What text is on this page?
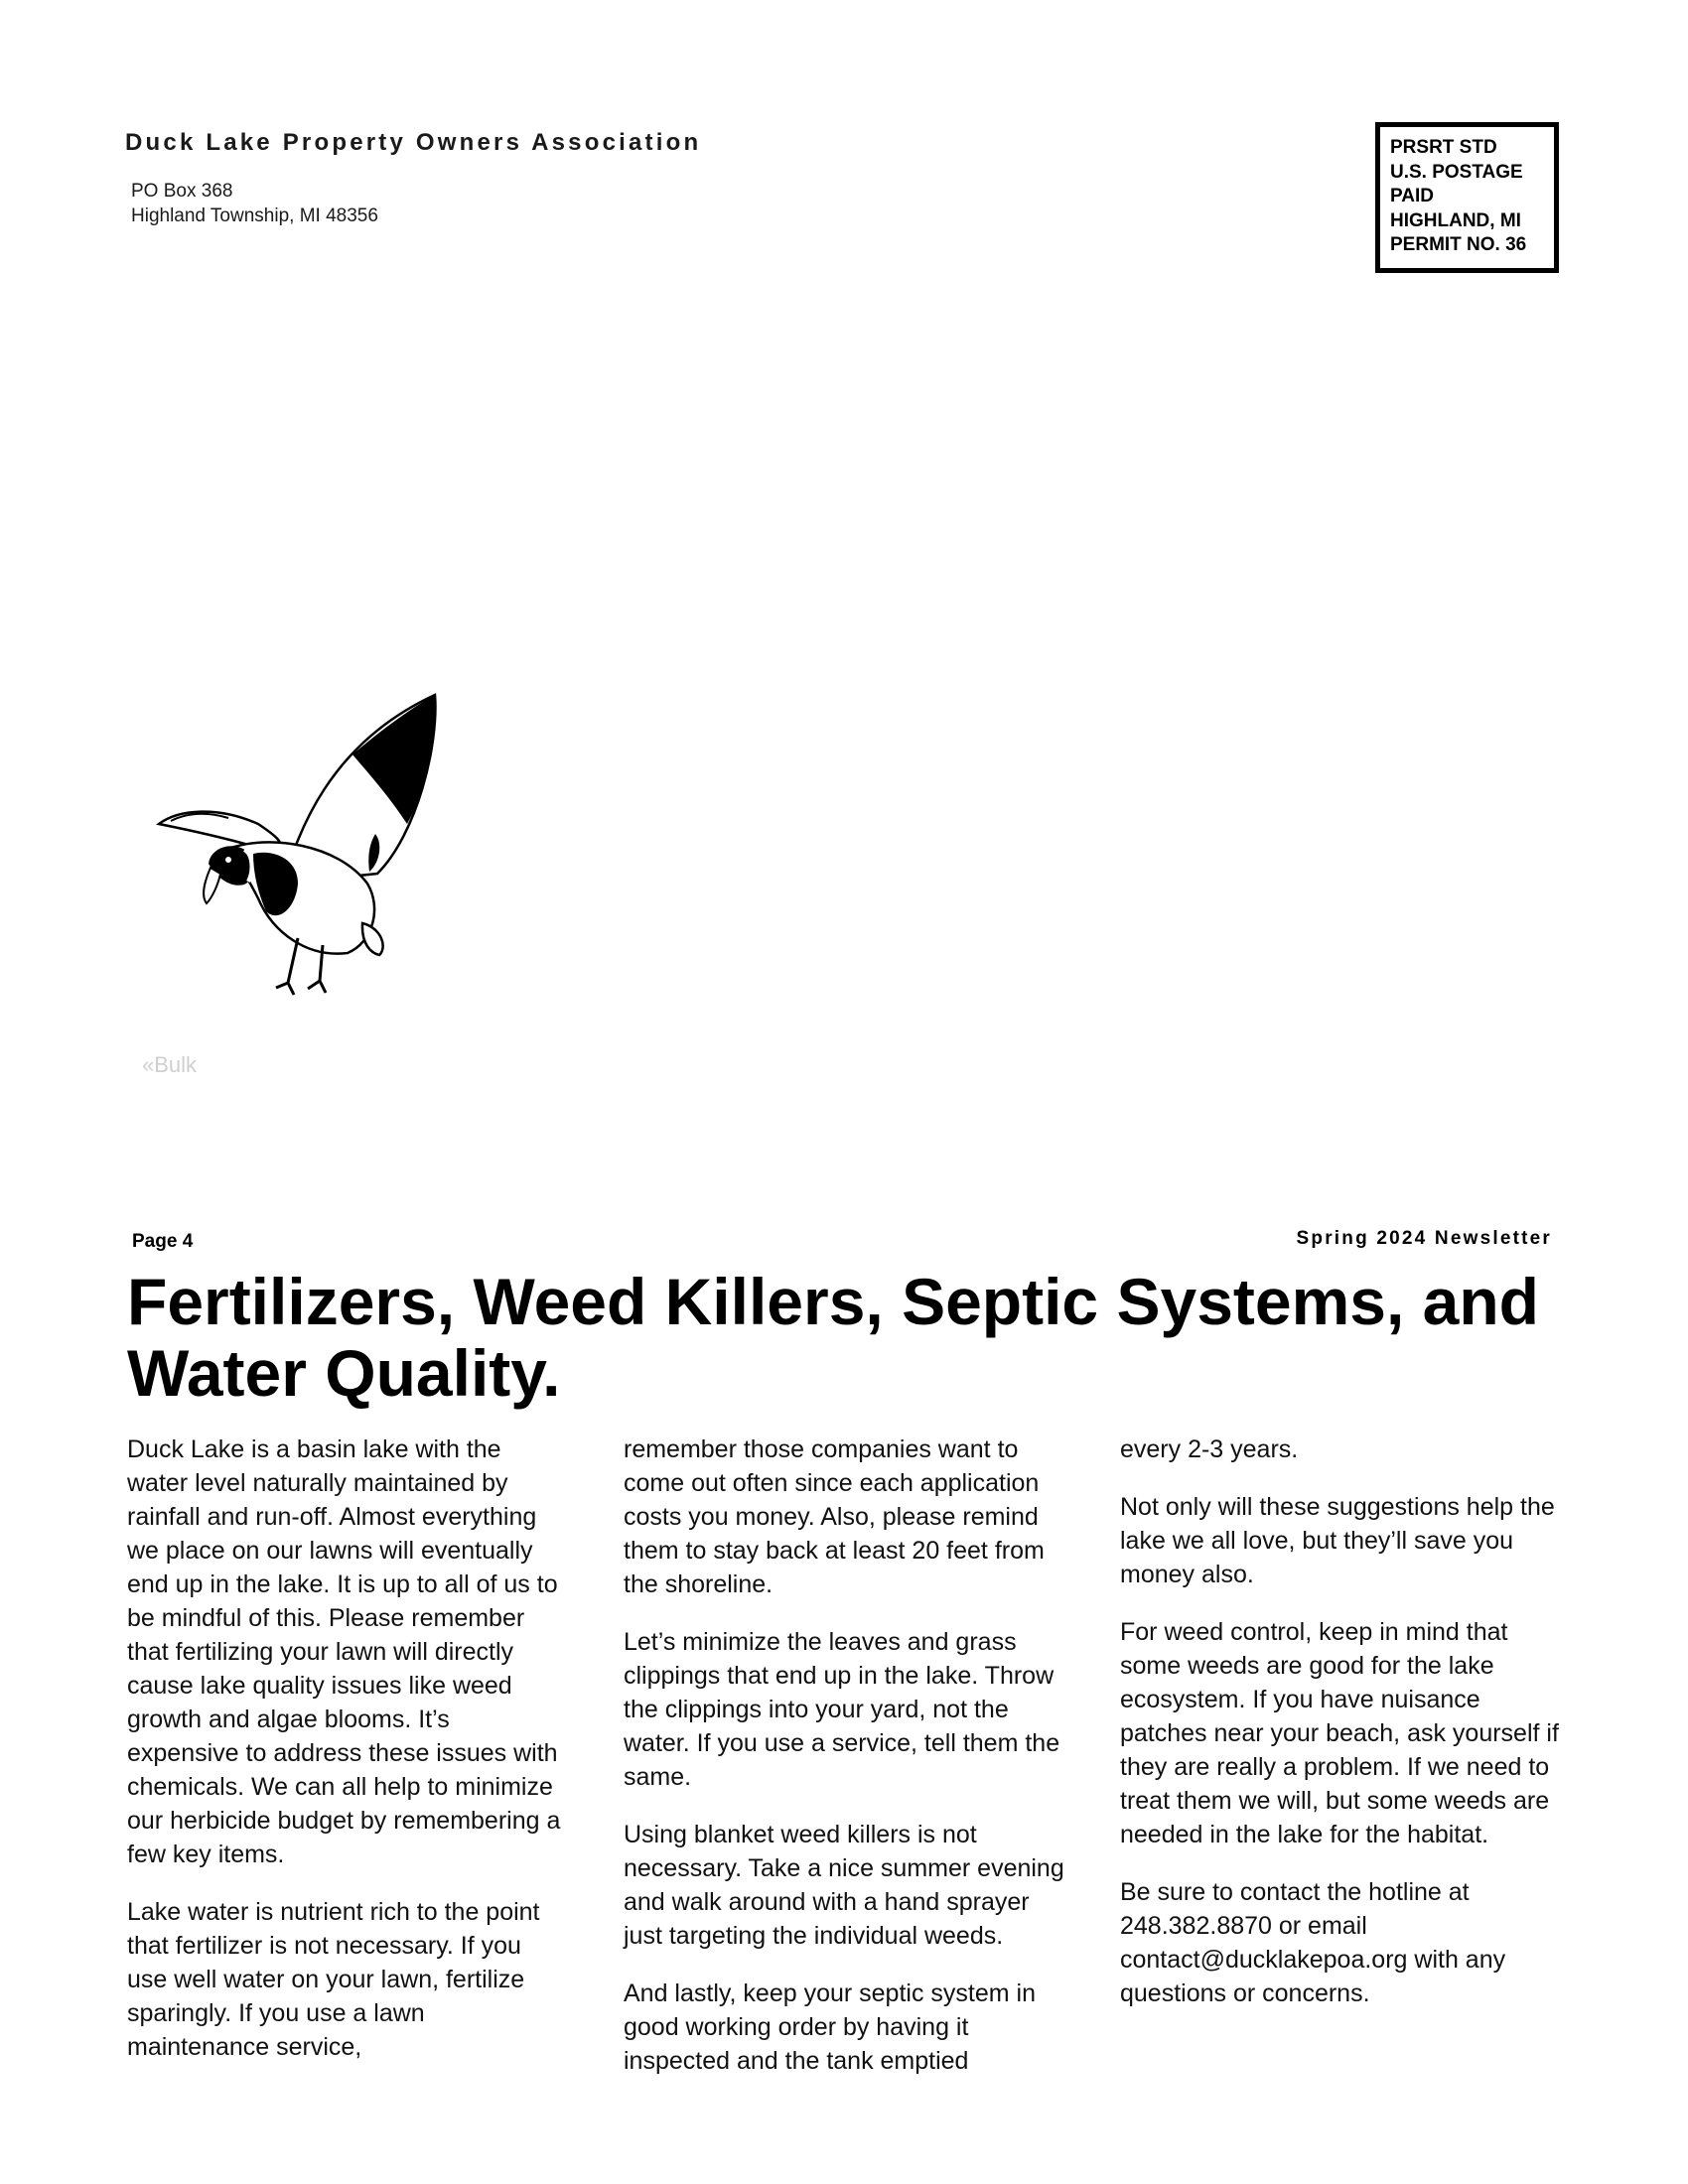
Duck Lake Property Owners Association
PO Box 368
Highland Township, MI 48356
PRSRT STD
U.S. POSTAGE
PAID
HIGHLAND, MI
PERMIT NO. 36
«Bulk
Page 4	Spring 2024 Newsletter
Fertilizers, Weed Killers, Septic Systems, and Water Quality.

Duck Lake is a basin lake with the water level naturally maintained by rainfall and run-off. Almost everything we place on our lawns will eventually end up in the lake. It is up to all of us to be mindful of this. Please remember that fertilizing your lawn will directly cause lake quality issues like weed growth and algae blooms. It’s expensive to address these issues with chemicals. We can all help to minimize our herbicide budget by remembering a few key items.

Lake water is nutrient rich to the point that fertilizer is not necessary. If you use well water on your lawn, fertilize sparingly. If you use a lawn maintenance service,

remember those companies want to come out often since each application costs you money. Also, please remind them to stay back at least 20 feet from the shoreline.

Let’s minimize the leaves and grass clippings that end up in the lake. Throw the clippings into your yard, not the water. If you use a service, tell them the same.

Using blanket weed killers is not necessary. Take a nice summer evening and walk around with a hand sprayer just targeting the individual weeds.

And lastly, keep your septic system in good working order by having it inspected and the tank emptied

every 2-3 years.

Not only will these suggestions help the lake we all love, but they’ll save you money also.

For weed control, keep in mind that some weeds are good for the lake ecosystem. If you have nuisance patches near your beach, ask yourself if they are really a problem. If we need to treat them we will, but some weeds are needed in the lake for the habitat.

Be sure to contact the hotline at 248.382.8870 or email contact@ducklakepoa.org with any questions or concerns.
